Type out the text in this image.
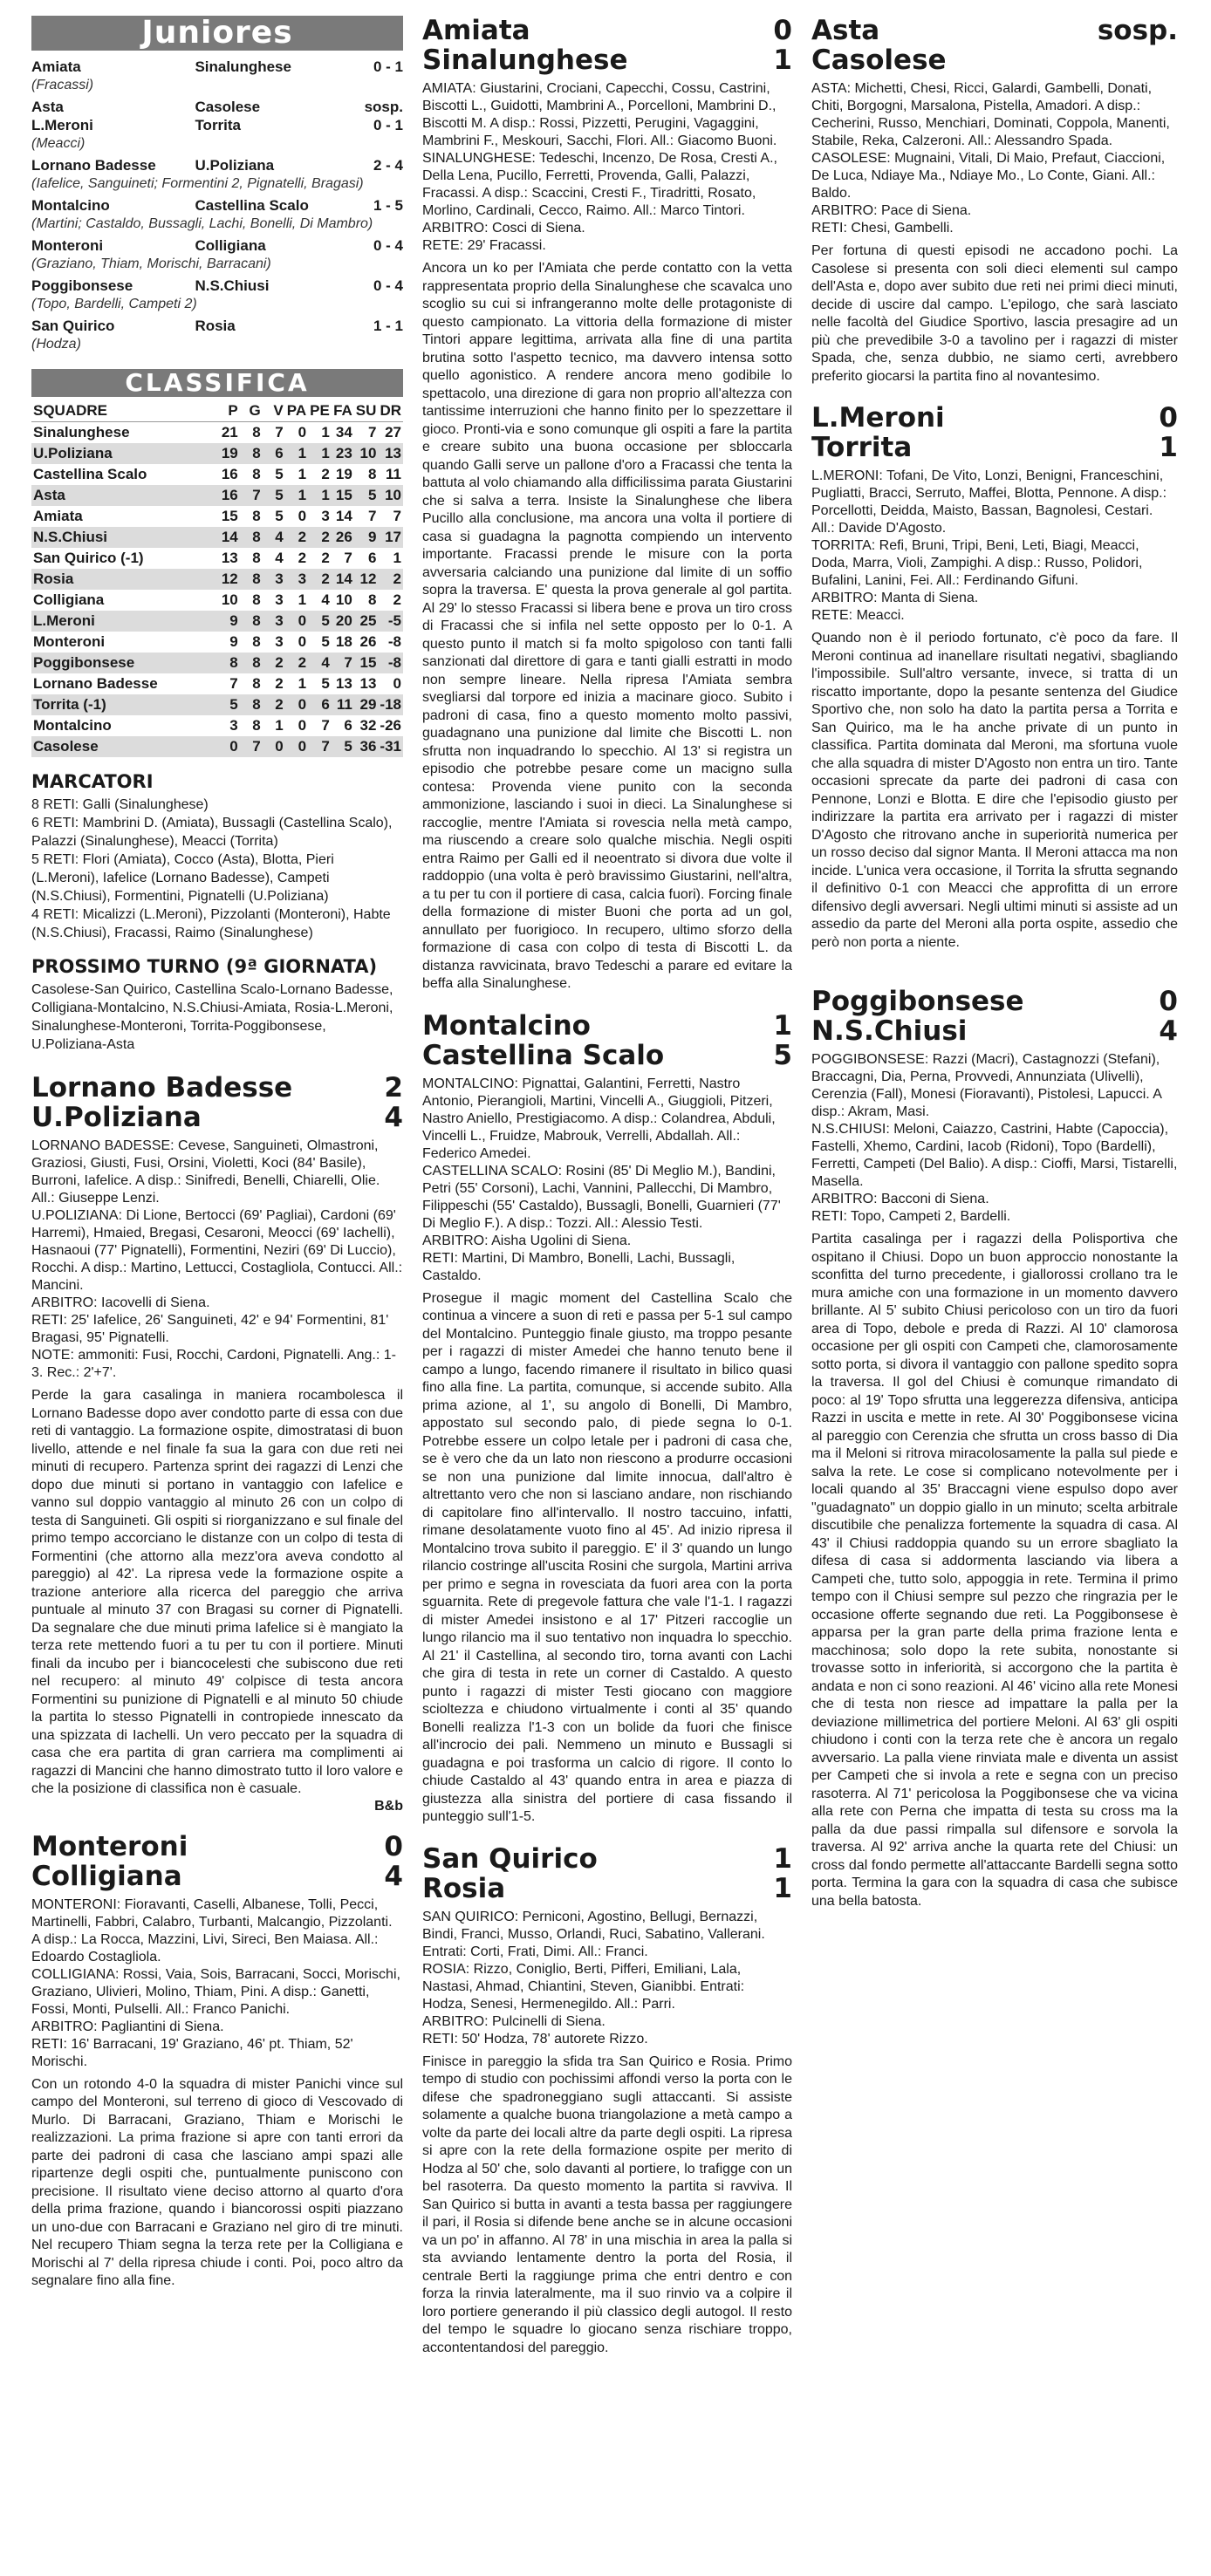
Juniores
Amiata	Sinalunghese	0 - 1
(Fracassi)		
Asta	Casolese	sosp.
L.Meroni	Torrita	0 - 1
(Meacci)		
Lornano Badesse	U.Poliziana	2 - 4
(Iafelice, Sanguineti; Formentini 2, Pignatelli, Bragasi)		
Montalcino	Castellina Scalo	1 - 5
(Martini; Castaldo, Bussagli, Lachi, Bonelli, Di Mambro)		
Monteroni	Colligiana	0 - 4
(Graziano, Thiam, Morischi, Barracani)		
Poggibonsese	N.S.Chiusi	0 - 4
(Topo, Bardelli, Campeti 2)		
San Quirico	Rosia	1 - 1
(Hodza)		
CLASSIFICA
SQUADRE	P	G	V	PA	PE	FA	SU	DR
Sinalunghese	21	8	7	0	1	34	7	27
U.Poliziana	19	8	6	1	1	23	10	13
Castellina Scalo	16	8	5	1	2	19	8	11
Asta	16	7	5	1	1	15	5	10
Amiata	15	8	5	0	3	14	7	7
N.S.Chiusi	14	8	4	2	2	26	9	17
San Quirico (-1)	13	8	4	2	2	7	6	1
Rosia	12	8	3	3	2	14	12	2
Colligiana	10	8	3	1	4	10	8	2
L.Meroni	9	8	3	0	5	20	25	-5
Monteroni	9	8	3	0	5	18	26	-8
Poggibonsese	8	8	2	2	4	7	15	-8
Lornano Badesse	7	8	2	1	5	13	13	0
Torrita (-1)	5	8	2	0	6	11	29	-18
Montalcino	3	8	1	0	7	6	32	-26
Casolese	0	7	0	0	7	5	36	-31
MARCATORI

8 RETI: Galli (Sinalunghese)

6 RETI: Mambrini D. (Amiata), Bussagli (Castellina Scalo), Palazzi (Sinalunghese), Meacci (Torrita)

5 RETI: Flori (Amiata), Cocco (Asta), Blotta, Pieri (L.Meroni), Iafelice (Lornano Badesse), Campeti (N.S.Chiusi), Formentini, Pignatelli (U.Poliziana)

4 RETI: Micalizzi (L.Meroni), Pizzolanti (Monteroni), Habte (N.S.Chiusi), Fracassi, Raimo (Sinalunghese)

PROSSIMO TURNO (9ª GIORNATA)
Casolese-San Quirico, Castellina Scalo-Lornano Badesse, Colligiana-Montalcino, N.S.Chiusi-Amiata, Rosia-L.Meroni, Sinalunghese-Monteroni, Torrita-Poggibonsese, U.Poliziana-Asta
Lornano Badesse	2
U.Poliziana	4

LORNANO BADESSE: Cevese, Sanguineti, Olmastroni, Graziosi, Giusti, Fusi, Orsini, Violetti, Koci (84' Basile), Burroni, Iafelice. A disp.: Sinifredi, Benelli, Chiarelli, Olie. All.: Giuseppe Lenzi.

U.POLIZIANA: Di Lione, Bertocci (69' Pagliai), Cardoni (69' Harremi), Hmaied, Bregasi, Cesaroni, Meocci (69' Iachelli), Hasnaoui (77' Pignatelli), Formentini, Neziri (69' Di Luccio), Rocchi. A disp.: Martino, Lettucci, Costagliola, Contucci. All.: Mancini.

ARBITRO: Iacovelli di Siena.

RETI: 25' Iafelice, 26' Sanguineti, 42' e 94' Formentini, 81' Bragasi, 95' Pignatelli.

NOTE: ammoniti: Fusi, Rocchi, Cardoni, Pignatelli. Ang.: 1-3. Rec.: 2'+7'.

Perde la gara casalinga in maniera rocambolesca il Lornano Badesse dopo aver condotto parte di essa con due reti di vantaggio. La formazione ospite, dimostratasi di buon livello, attende e nel finale fa sua la gara con due reti nei minuti di recupero. Partenza sprint dei ragazzi di Lenzi che dopo due minuti si portano in vantaggio con Iafelice e vanno sul doppio vantaggio al minuto 26 con un colpo di testa di Sanguineti. Gli ospiti si riorganizzano e sul finale del primo tempo accorciano le distanze con un colpo di testa di Formentini (che attorno alla mezz'ora aveva condotto al pareggio) al 42'. La ripresa vede la formazione ospite a trazione anteriore alla ricerca del pareggio che arriva puntuale al minuto 37 con Bragasi su corner di Pignatelli. Da segnalare che due minuti prima Iafelice si è mangiato la terza rete mettendo fuori a tu per tu con il portiere. Minuti finali da incubo per i biancocelesti che subiscono due reti nel recupero: al minuto 49' colpisce di testa ancora Formentini su punizione di Pignatelli e al minuto 50 chiude la partita lo stesso Pignatelli in contropiede innescato da una spizzata di Iachelli. Un vero peccato per la squadra di casa che era partita di gran carriera ma complimenti ai ragazzi di Mancini che hanno dimostrato tutto il loro valore e che la posizione di classifica non è casuale.
B&b
Monteroni	0
Colligiana	4

MONTERONI: Fioravanti, Caselli, Albanese, Tolli, Pecci, Martinelli, Fabbri, Calabro, Turbanti, Malcangio, Pizzolanti. A disp.: La Rocca, Mazzini, Livi, Sireci, Ben Maiasa. All.: Edoardo Costagliola.

COLLIGIANA: Rossi, Vaia, Sois, Barracani, Socci, Morischi, Graziano, Ulivieri, Molino, Thiam, Pini. A disp.: Ganetti, Fossi, Monti, Pulselli. All.: Franco Panichi.

ARBITRO: Pagliantini di Siena.

RETI: 16' Barracani, 19' Graziano, 46' pt. Thiam, 52' Morischi.

Con un rotondo 4-0 la squadra di mister Panichi vince sul campo del Monteroni, sul terreno di gioco di Vescovado di Murlo. Di Barracani, Graziano, Thiam e Morischi le realizzazioni. La prima frazione si apre con tanti errori da parte dei padroni di casa che lasciano ampi spazi alle ripartenze degli ospiti che, puntualmente puniscono con precisione. Il risultato viene deciso attorno al quarto d'ora della prima frazione, quando i biancorossi ospiti piazzano un uno-due con Barracani e Graziano nel giro di tre minuti. Nel recupero Thiam segna la terza rete per la Colligiana e Morischi al 7' della ripresa chiude i conti. Poi, poco altro da segnalare fino alla fine.
Amiata	0
Sinalunghese	1

AMIATA: Giustarini, Crociani, Capecchi, Cossu, Castrini, Biscotti L., Guidotti, Mambrini A., Porcelloni, Mambrini D., Biscotti M. A disp.: Rossi, Pizzetti, Perugini, Vagaggini, Mambrini F., Meskouri, Sacchi, Flori. All.: Giacomo Buoni.

SINALUNGHESE: Tedeschi, Incenzo, De Rosa, Cresti A., Della Lena, Pucillo, Ferretti, Provenda, Galli, Palazzi, Fracassi. A disp.: Scaccini, Cresti F., Tiradritti, Rosato, Morlino, Cardinali, Cecco, Raimo. All.: Marco Tintori.

ARBITRO: Cosci di Siena.

RETE: 29' Fracassi.

Ancora un ko per l'Amiata che perde contatto con la vetta rappresentata proprio della Sinalunghese che scavalca uno scoglio su cui si infrangeranno molte delle protagoniste di questo campionato. La vittoria della formazione di mister Tintori appare legittima, arrivata alla fine di una partita brutina sotto l'aspetto tecnico, ma davvero intensa sotto quello agonistico. A rendere ancora meno godibile lo spettacolo, una direzione di gara non proprio all'altezza con tantissime interruzioni che hanno finito per lo spezzettare il gioco. Pronti-via e sono comunque gli ospiti a fare la partita e creare subito una buona occasione per sbloccarla quando Galli serve un pallone d'oro a Fracassi che tenta la battuta al volo chiamando alla difficilissima parata Giustarini che si salva a terra. Insiste la Sinalunghese che libera Pucillo alla conclusione, ma ancora una volta il portiere di casa si guadagna la pagnotta compiendo un intervento importante. Fracassi prende le misure con la porta avversaria calciando una punizione dal limite di un soffio sopra la traversa. E' questa la prova generale al gol partita. Al 29' lo stesso Fracassi si libera bene e prova un tiro cross di Fracassi che si infila nel sette opposto per lo 0-1. A questo punto il match si fa molto spigoloso con tanti falli sanzionati dal direttore di gara e tanti gialli estratti in modo non sempre lineare. Nella ripresa l'Amiata sembra svegliarsi dal torpore ed inizia a macinare gioco. Subito i padroni di casa, fino a questo momento molto passivi, guadagnano una punizione dal limite che Biscotti L. non sfrutta non inquadrando lo specchio. Al 13' si registra un episodio che potrebbe pesare come un macigno sulla contesa: Provenda viene punito con la seconda ammonizione, lasciando i suoi in dieci. La Sinalunghese si raccoglie, mentre l'Amiata si rovescia nella metà campo, ma riuscendo a creare solo qualche mischia. Negli ospiti entra Raimo per Galli ed il neoentrato si divora due volte il raddoppio (una volta è però bravissimo Giustarini, nell'altra, a tu per tu con il portiere di casa, calcia fuori). Forcing finale della formazione di mister Buoni che porta ad un gol, annullato per fuorigioco. In recupero, ultimo sforzo della formazione di casa con colpo di testa di Biscotti L. da distanza ravvicinata, bravo Tedeschi a parare ed evitare la beffa alla Sinalunghese.
Montalcino	1
Castellina Scalo	5

MONTALCINO: Pignattai, Galantini, Ferretti, Nastro Antonio, Pierangioli, Martini, Vincelli A., Giuggioli, Pitzeri, Nastro Aniello, Prestigiacomo. A disp.: Colandrea, Abduli, Vincelli L., Fruidze, Mabrouk, Verrelli, Abdallah. All.: Federico Amedei.

CASTELLINA SCALO: Rosini (85' Di Meglio M.), Bandini, Petri (55' Corsoni), Lachi, Vannini, Pallecchi, Di Mambro, Filippeschi (55' Castaldo), Bussagli, Bonelli, Guarnieri (77' Di Meglio F.). A disp.: Tozzi. All.: Alessio Testi.

ARBITRO: Aisha Ugolini di Siena.

RETI: Martini, Di Mambro, Bonelli, Lachi, Bussagli, Castaldo.

Prosegue il magic moment del Castellina Scalo che continua a vincere a suon di reti e passa per 5-1 sul campo del Montalcino. Punteggio finale giusto, ma troppo pesante per i ragazzi di mister Amedei che hanno tenuto bene il campo a lungo, facendo rimanere il risultato in bilico quasi fino alla fine. La partita, comunque, si accende subito. Alla prima azione, al 1', su angolo di Bonelli, Di Mambro, appostato sul secondo palo, di piede segna lo 0-1. Potrebbe essere un colpo letale per i padroni di casa che, se è vero che da un lato non riescono a produrre occasioni se non una punizione dal limite innocua, dall'altro è altrettanto vero che non si lasciano andare, non rischiando di capitolare fino all'intervallo. Il nostro taccuino, infatti, rimane desolatamente vuoto fino al 45'. Ad inizio ripresa il Montalcino trova subito il pareggio. E' il 3' quando un lungo rilancio costringe all'uscita Rosini che surgola, Martini arriva per primo e segna in rovesciata da fuori area con la porta sguarnita. Rete di pregevole fattura che vale l'1-1. I ragazzi di mister Amedei insistono e al 17' Pitzeri raccoglie un lungo rilancio ma il suo tentativo non inquadra lo specchio. Al 21' il Castellina, al secondo tiro, torna avanti con Lachi che gira di testa in rete un corner di Castaldo. A questo punto i ragazzi di mister Testi giocano con maggiore scioltezza e chiudono virtualmente i conti al 35' quando Bonelli realizza l'1-3 con un bolide da fuori che finisce all'incrocio dei pali. Nemmeno un minuto e Bussagli si guadagna e poi trasforma un calcio di rigore. Il conto lo chiude Castaldo al 43' quando entra in area e piazza di giustezza alla sinistra del portiere di casa fissando il punteggio sull'1-5.
San Quirico	1
Rosia	1

SAN QUIRICO: Perniconi, Agostino, Bellugi, Bernazzi, Bindi, Franci, Musso, Orlandi, Ruci, Sabatino, Vallerani. Entrati: Corti, Frati, Dimi. All.: Franci.

ROSIA: Rizzo, Coniglio, Berti, Pifferi, Emiliani, Lala, Nastasi, Ahmad, Chiantini, Steven, Gianibbi. Entrati: Hodza, Senesi, Hermenegildo. All.: Parri.

ARBITRO: Pulcinelli di Siena.

RETI: 50' Hodza, 78' autorete Rizzo.

Finisce in pareggio la sfida tra San Quirico e Rosia. Primo tempo di studio con pochissimi affondi verso la porta con le difese che spadroneggiano sugli attaccanti. Si assiste solamente a qualche buona triangolazione a metà campo a volte da parte dei locali altre da parte degli ospiti. La ripresa si apre con la rete della formazione ospite per merito di Hodza al 50' che, solo davanti al portiere, lo trafigge con un bel rasoterra. Da questo momento la partita si ravviva. Il San Quirico si butta in avanti a testa bassa per raggiungere il pari, il Rosia si difende bene anche se in alcune occasioni va un po' in affanno. Al 78' in una mischia in area la palla si sta avviando lentamente dentro la porta del Rosia, il centrale Berti la raggiunge prima che entri dentro e con forza la rinvia lateralmente, ma il suo rinvio va a colpire il loro portiere generando il più classico degli autogol. Il resto del tempo le squadre lo giocano senza rischiare troppo, accontentandosi del pareggio.
Asta	sosp.
Casolese

ASTA: Michetti, Chesi, Ricci, Galardi, Gambelli, Donati, Chiti, Borgogni, Marsalona, Pistella, Amadori. A disp.: Cecherini, Russo, Menchiari, Dominati, Coppola, Manenti, Stabile, Reka, Calzeroni. All.: Alessandro Spada.

CASOLESE: Mugnaini, Vitali, Di Maio, Prefaut, Ciaccioni, De Luca, Ndiaye Ma., Ndiaye Mo., Lo Conte, Giani. All.: Baldo.

ARBITRO: Pace di Siena.

RETI: Chesi, Gambelli.

Per fortuna di questi episodi ne accadono pochi. La Casolese si presenta con soli dieci elementi sul campo dell'Asta e, dopo aver subito due reti nei primi dieci minuti, decide di uscire dal campo. L'epilogo, che sarà lasciato nelle facoltà del Giudice Sportivo, lascia presagire ad un più che prevedibile 3-0 a tavolino per i ragazzi di mister Spada, che, senza dubbio, ne siamo certi, avrebbero preferito giocarsi la partita fino al novantesimo.
L.Meroni	0
Torrita	1

L.MERONI: Tofani, De Vito, Lonzi, Benigni, Franceschini, Pugliatti, Bracci, Serruto, Maffei, Blotta, Pennone. A disp.: Porcellotti, Deidda, Maisto, Bassan, Bagnolesi, Cestari. All.: Davide D'Agosto.

TORRITA: Refi, Bruni, Tripi, Beni, Leti, Biagi, Meacci, Doda, Marra, Violi, Zampighi. A disp.: Russo, Polidori, Bufalini, Lanini, Fei. All.: Ferdinando Gifuni.

ARBITRO: Manta di Siena.

RETE: Meacci.

Quando non è il periodo fortunato, c'è poco da fare. Il Meroni continua ad inanellare risultati negativi, sbagliando l'impossibile. Sull'altro versante, invece, si tratta di un riscatto importante, dopo la pesante sentenza del Giudice Sportivo che, non solo ha dato la partita persa a Torrita e San Quirico, ma le ha anche private di un punto in classifica. Partita dominata dal Meroni, ma sfortuna vuole che alla squadra di mister D'Agosto non entra un tiro. Tante occasioni sprecate da parte dei padroni di casa con Pennone, Lonzi e Blotta. E dire che l'episodio giusto per indirizzare la partita era arrivato per i ragazzi di mister D'Agosto che ritrovano anche in superiorità numerica per un rosso deciso dal signor Manta. Il Meroni attacca ma non incide. L'unica vera occasione, il Torrita la sfrutta segnando il definitivo 0-1 con Meacci che approfitta di un errore difensivo degli avversari. Negli ultimi minuti si assiste ad un assedio da parte del Meroni alla porta ospite, assedio che però non porta a niente.
Poggibonsese	0
N.S.Chiusi	4

POGGIBONSESE: Razzi (Macri), Castagnozzi (Stefani), Braccagni, Dia, Perna, Provvedi, Annunziata (Ulivelli), Cerenzia (Fall), Monesi (Fioravanti), Pistolesi, Lapucci. A disp.: Akram, Masi.

N.S.CHIUSI: Meloni, Caiazzo, Castrini, Habte (Capoccia), Fastelli, Xhemo, Cardini, Iacob (Ridoni), Topo (Bardelli), Ferretti, Campeti (Del Balio). A disp.: Cioffi, Marsi, Tistarelli, Masella.

ARBITRO: Bacconi di Siena.

RETI: Topo, Campeti 2, Bardelli.

Partita casalinga per i ragazzi della Polisportiva che ospitano il Chiusi. Dopo un buon approccio nonostante la sconfitta del turno precedente, i giallorossi crollano tra le mura amiche con una formazione in un momento davvero brillante. Al 5' subito Chiusi pericoloso con un tiro da fuori area di Topo, debole e preda di Razzi. Al 10' clamorosa occasione per gli ospiti con Campeti che, clamorosamente sotto porta, si divora il vantaggio con pallone spedito sopra la traversa. Il gol del Chiusi è comunque rimandato di poco: al 19' Topo sfrutta una leggerezza difensiva, anticipa Razzi in uscita e mette in rete. Al 30' Poggibonsese vicina al pareggio con Cerenzia che sfrutta un cross basso di Dia ma il Meloni si ritrova miracolosamente la palla sul piede e salva la rete. Le cose si complicano notevolmente per i locali quando al 35' Braccagni viene espulso dopo aver "guadagnato" un doppio giallo in un minuto; scelta arbitrale discutibile che penalizza fortemente la squadra di casa. Al 43' il Chiusi raddoppia quando su un errore sbagliato la difesa di casa si addormenta lasciando via libera a Campeti che, tutto solo, appoggia in rete. Termina il primo tempo con il Chiusi sempre sul pezzo che ringrazia per le occasione offerte segnando due reti. La Poggibonsese è apparsa per la gran parte della prima frazione lenta e macchinosa; solo dopo la rete subita, nonostante si trovasse sotto in inferiorità, si accorgono che la partita è andata e non ci sono reazioni. Al 46' vicino alla rete Monesi che di testa non riesce ad impattare la palla per la deviazione millimetrica del portiere Meloni. Al 63' gli ospiti chiudono i conti con la terza rete che è ancora un regalo avversario. La palla viene rinviata male e diventa un assist per Campeti che si invola a rete e segna con un preciso rasoterra. Al 71' pericolosa la Poggibonsese che va vicina alla rete con Perna che impatta di testa su cross ma la palla da due passi rimpalla sul difensore e sorvola la traversa. Al 92' arriva anche la quarta rete del Chiusi: un cross dal fondo permette all'attaccante Bardelli segna sotto porta. Termina la gara con la squadra di casa che subisce una bella batosta.
